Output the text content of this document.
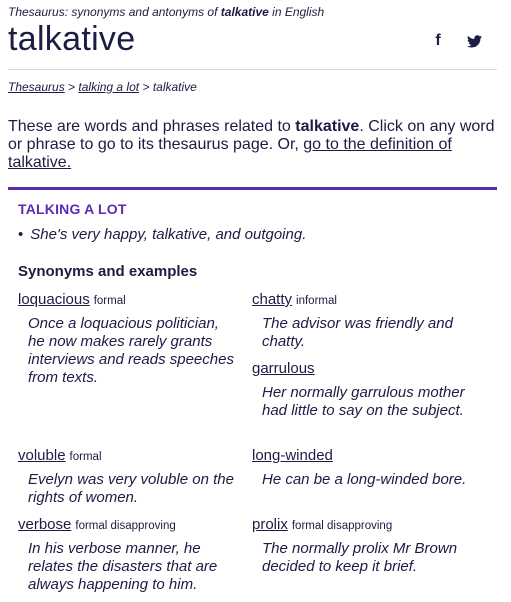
Thesaurus: synonyms and antonyms of talkative in English
talkative	f
Thesaurus > talking a lot > talkative
These are words and phrases related to talkative. Click on any word or phrase to go to its thesaurus page. Or, go to the definition of talkative.
TALKING A LOT
• She's very happy, talkative, and outgoing.
Synonyms and examples
loquacious formal
Once a loquacious politician, he now makes rarely grants interviews and reads speeches from texts.
chatty informal
The advisor was friendly and chatty.
garrulous
Her normally garrulous mother had little to say on the subject.
voluble formal
Evelyn was very voluble on the rights of women.
long-winded
He can be a long-winded bore.
verbose formal disapproving
In his verbose manner, he relates the disasters that are always happening to him.
prolix formal disapproving
The normally prolix Mr Brown decided to keep it brief.
